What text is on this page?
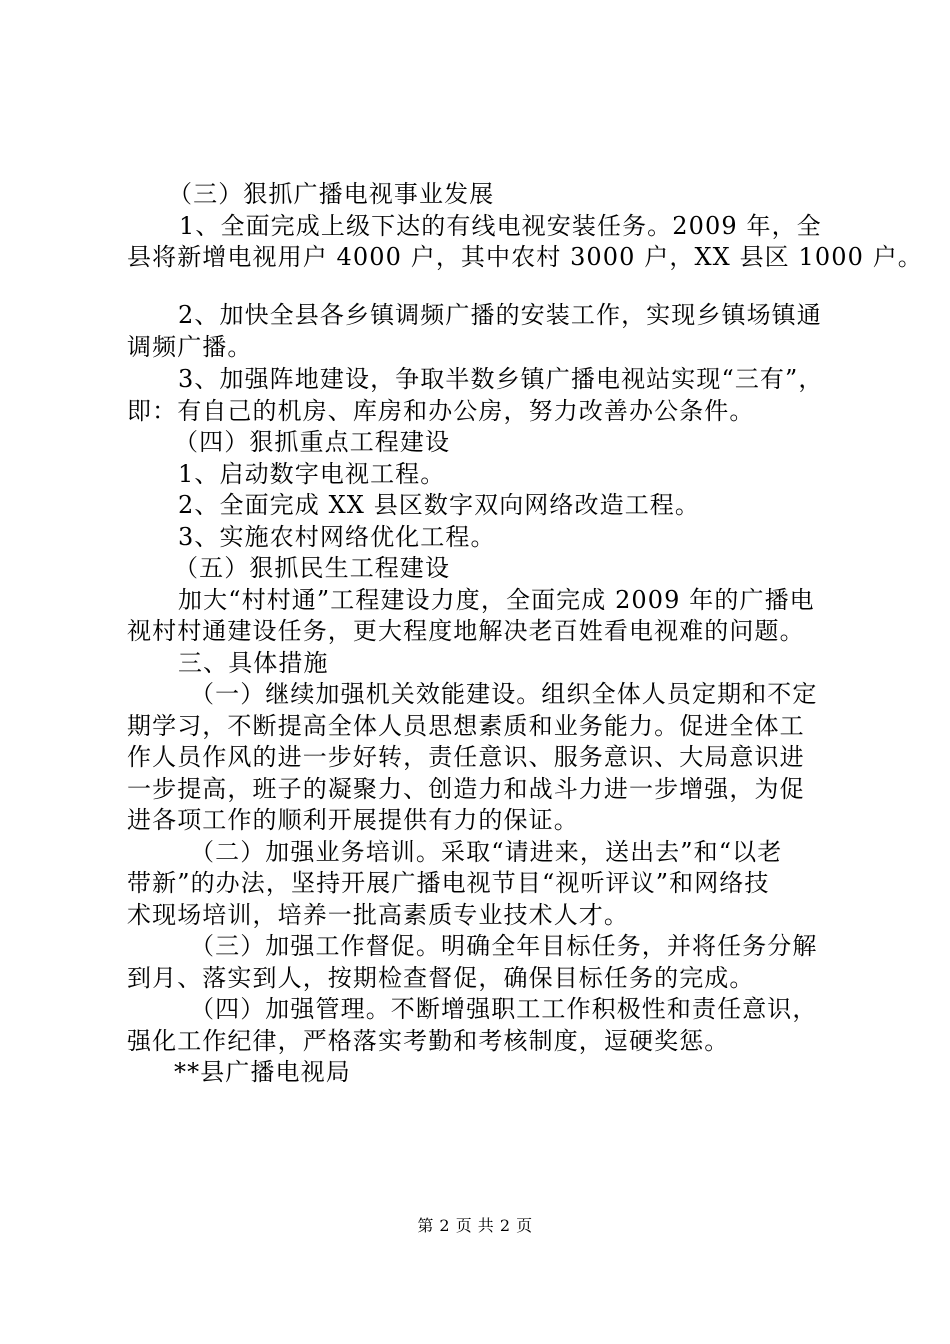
（三）狠抓广播电视事业发展
1、全面完成上级下达的有线电视安装任务。2009 年，全
县将新增电视用户 4000 户，其中农村 3000 户，XX 县区 1000 户。
2、加快全县各乡镇调频广播的安装工作，实现乡镇场镇通
调频广播。
3、加强阵地建设，争取半数乡镇广播电视站实现“三有”，
即：有自己的机房、库房和办公房，努力改善办公条件。
（四）狠抓重点工程建设
1、启动数字电视工程。
2、全面完成 XX 县区数字双向网络改造工程。
3、实施农村网络优化工程。
（五）狠抓民生工程建设
加大“村村通”工程建设力度，全面完成 2009 年的广播电
视村村通建设任务，更大程度地解决老百姓看电视难的问题。
三、具体措施
（一）继续加强机关效能建设。组织全体人员定期和不定
期学习，不断提高全体人员思想素质和业务能力。促进全体工
作人员作风的进一步好转，责任意识、服务意识、大局意识进
一步提高，班子的凝聚力、创造力和战斗力进一步增强，为促
进各项工作的顺利开展提供有力的保证。
（二）加强业务培训。采取“请进来，送出去”和“以老
带新”的办法，坚持开展广播电视节目“视听评议”和网络技
术现场培训，培养一批高素质专业技术人才。
（三）加强工作督促。明确全年目标任务，并将任务分解
到月、落实到人，按期检查督促，确保目标任务的完成。
（四）加强管理。不断增强职工工作积极性和责任意识，
强化工作纪律，严格落实考勤和考核制度，逗硬奖惩。
**县广播电视局
第 2 页 共 2 页
